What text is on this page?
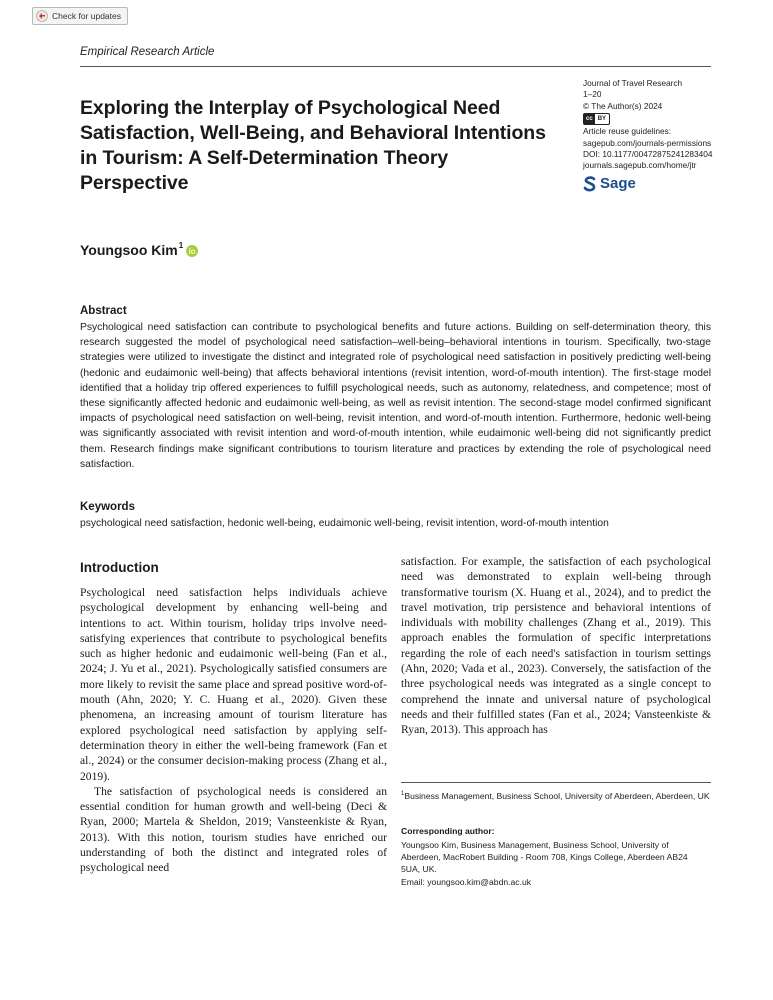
Check for updates
Empirical Research Article
Exploring the Interplay of Psychological Need Satisfaction, Well-Being, and Behavioral Intentions in Tourism: A Self-Determination Theory Perspective
Journal of Travel Research
1–20
© The Author(s) 2024
cc BY
Article reuse guidelines:
sagepub.com/journals-permissions
DOI: 10.1177/00472875241283404
journals.sagepub.com/home/jtr
Sage
Youngsoo Kim$^1$
Abstract
Psychological need satisfaction can contribute to psychological benefits and future actions. Building on self-determination theory, this research suggested the model of psychological need satisfaction–well-being–behavioral intentions in tourism. Specifically, two-stage strategies were utilized to investigate the distinct and integrated role of psychological need satisfaction in positively predicting well-being (hedonic and eudaimonic well-being) that affects behavioral intentions (revisit intention, word-of-mouth intention). The first-stage model identified that a holiday trip offered experiences to fulfill psychological needs, such as autonomy, relatedness, and competence; most of these significantly affected hedonic and eudaimonic well-being, as well as revisit intention. The second-stage model confirmed significant impacts of psychological need satisfaction on well-being, revisit intention, and word-of-mouth intention. Furthermore, hedonic well-being was significantly associated with revisit intention and word-of-mouth intention, while eudaimonic well-being did not significantly predict them. Research findings make significant contributions to tourism literature and practices by extending the role of psychological need satisfaction.
Keywords
psychological need satisfaction, hedonic well-being, eudaimonic well-being, revisit intention, word-of-mouth intention
Introduction

Psychological need satisfaction helps individuals achieve psychological development by enhancing well-being and intentions to act. Within tourism, holiday trips involve need-satisfying experiences that contribute to psychological benefits such as higher hedonic and eudaimonic well-being (Fan et al., 2024; J. Yu et al., 2021). Psychologically satisfied consumers are more likely to revisit the same place and spread positive word-of-mouth (Ahn, 2020; Y. C. Huang et al., 2020). Given these phenomena, an increasing amount of tourism literature has explored psychological need satisfaction by applying self-determination theory in either the well-being framework (Fan et al., 2024) or the consumer decision-making process (Zhang et al., 2019).

The satisfaction of psychological needs is considered an essential condition for human growth and well-being (Deci & Ryan, 2000; Martela & Sheldon, 2019; Vansteenkiste & Ryan, 2013). With this notion, tourism studies have enriched our understanding of both the distinct and integrated roles of psychological need

satisfaction. For example, the satisfaction of each psychological need was demonstrated to explain well-being through transformative tourism (X. Huang et al., 2024), and to predict the travel motivation, trip persistence and behavioral intentions of individuals with mobility challenges (Zhang et al., 2019). This approach enables the formulation of specific interpretations regarding the role of each need's satisfaction in tourism settings (Ahn, 2020; Vada et al., 2023). Conversely, the satisfaction of the three psychological needs was integrated as a single concept to comprehend the innate and universal nature of psychological needs and their fulfilled states (Fan et al., 2024; Vansteenkiste & Ryan, 2013). This approach has

$^1$Business Management, Business School, University of Aberdeen, Aberdeen, UK
Corresponding author:
Youngsoo Kim, Business Management, Business School, University of
Aberdeen, MacRobert Building - Room 708, Kings College, Aberdeen AB24
5UA, UK.
Email: youngsoo.kim@abdn.ac.uk
